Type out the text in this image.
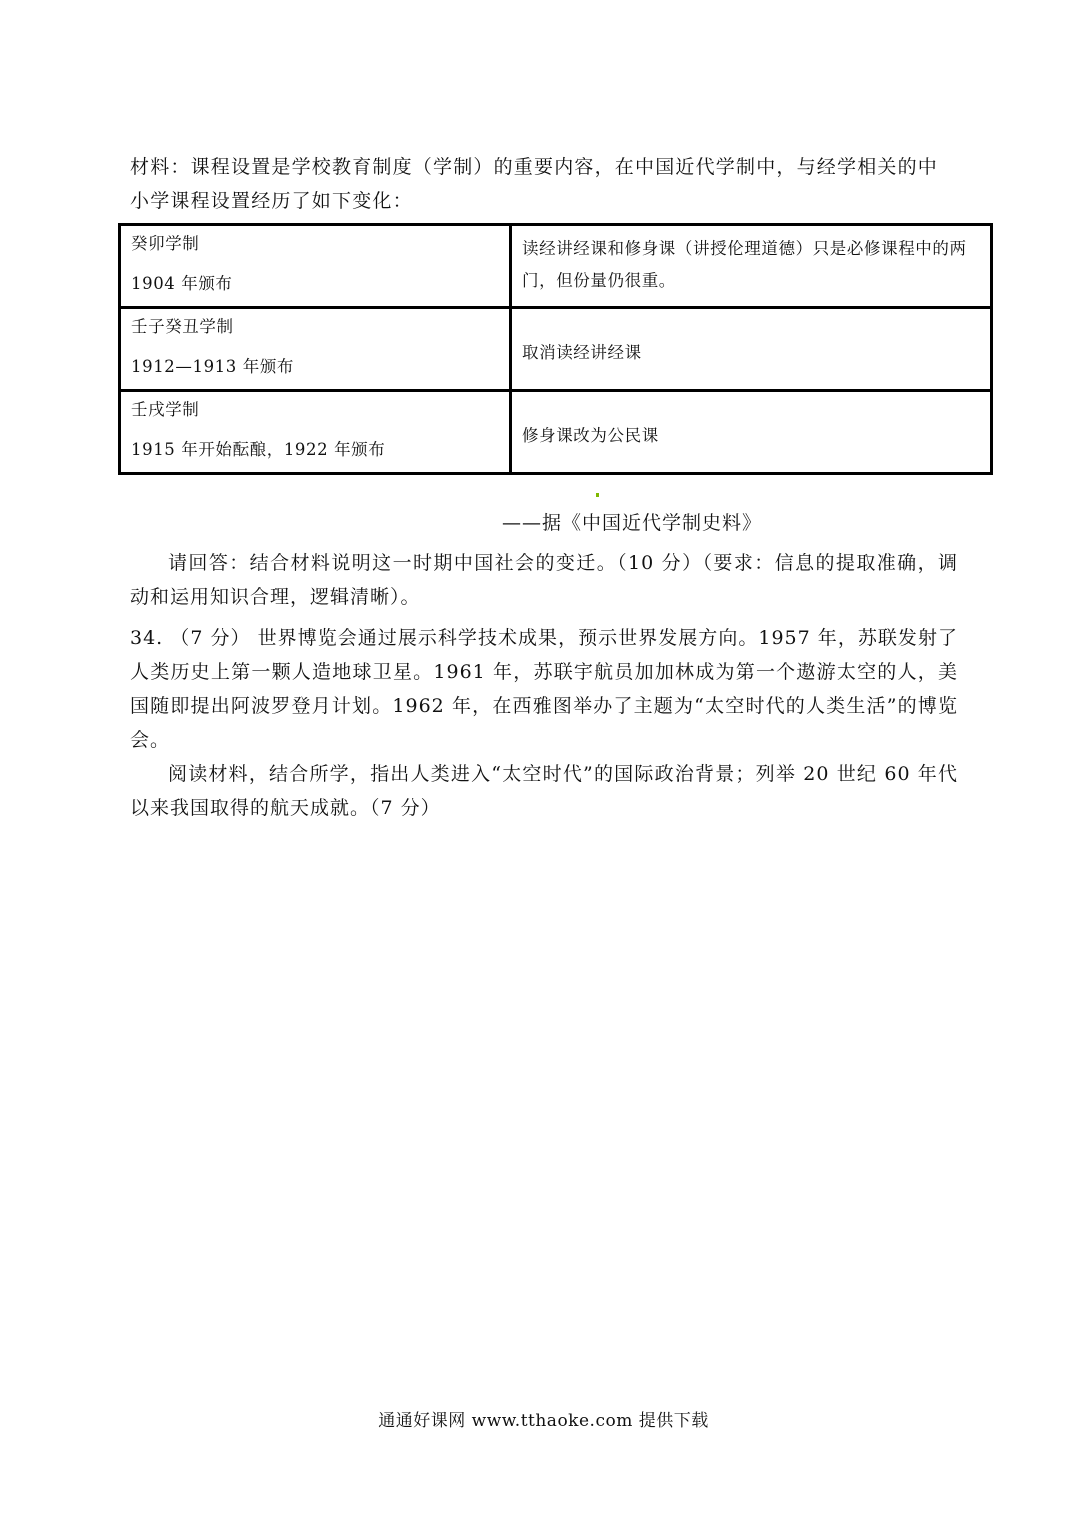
材料：课程设置是学校教育制度（学制）的重要内容，在中国近代学制中，与经学相关的中小学课程设置经历了如下变化：
癸卯学制
1904 年颁布	读经讲经课和修身课（讲授伦理道德）只是必修课程中的两门，但份量仍很重。

壬子癸丑学制
1912—1913 年颁布	取消读经讲经课

壬戌学制
1915 年开始酝酿，1922 年颁布	修身课改为公民课
——据《中国近代学制史料》
请回答：结合材料说明这一时期中国社会的变迁。（10 分）（要求：信息的提取准确，调动和运用知识合理，逻辑清晰）。
34. （7 分） 世界博览会通过展示科学技术成果，预示世界发展方向。1957 年，苏联发射了人类历史上第一颗人造地球卫星。1961 年，苏联宇航员加加林成为第一个遨游太空的人，美国随即提出阿波罗登月计划。1962 年，在西雅图举办了主题为“太空时代的人类生活”的博览会。
阅读材料，结合所学，指出人类进入“太空时代”的国际政治背景；列举 20 世纪 60 年代以来我国取得的航天成就。（7 分）
通通好课网 www.tthaoke.com 提供下载
